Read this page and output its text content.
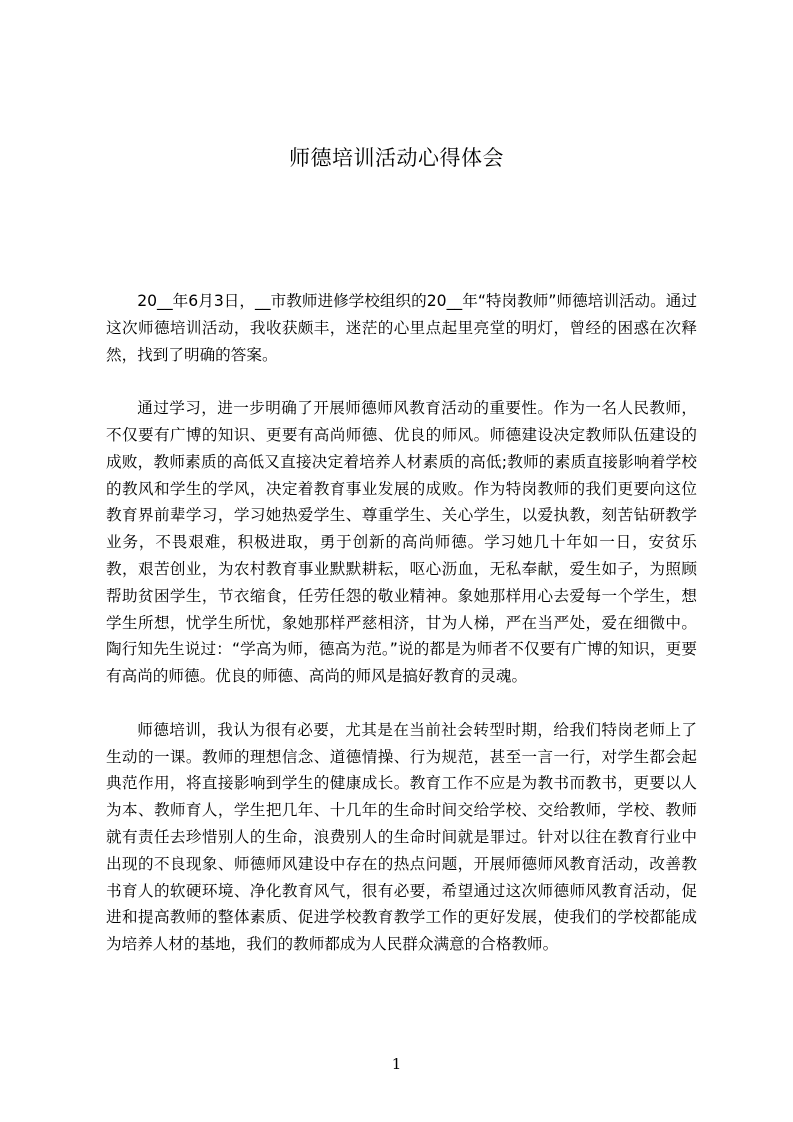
师德培训活动心得体会

20__年6月3日，__市教师进修学校组织的20__年“特岗教师”师德培训活动。通过这次师德培训活动，我收获颇丰，迷茫的心里点起里亮堂的明灯，曾经的困惑在次释然，找到了明确的答案。

通过学习，进一步明确了开展师德师风教育活动的重要性。作为一名人民教师，不仅要有广博的知识、更要有高尚师德、优良的师风。师德建设决定教师队伍建设的成败，教师素质的高低又直接决定着培养人材素质的高低;教师的素质直接影响着学校的教风和学生的学风，决定着教育事业发展的成败。作为特岗教师的我们更要向这位教育界前辈学习，学习她热爱学生、尊重学生、关心学生，以爱执教，刻苦钻研教学业务，不畏艰难，积极进取，勇于创新的高尚师德。学习她几十年如一日，安贫乐教，艰苦创业，为农村教育事业默默耕耘，呕心沥血，无私奉献，爱生如子，为照顾帮助贫困学生，节衣缩食，任劳任怨的敬业精神。象她那样用心去爱每一个学生，想学生所想，忧学生所忧，象她那样严慈相济，甘为人梯，严在当严处，爱在细微中。陶行知先生说过：“学高为师，德高为范。”说的都是为师者不仅要有广博的知识，更要有高尚的师德。优良的师德、高尚的师风是搞好教育的灵魂。

师德培训，我认为很有必要，尤其是在当前社会转型时期，给我们特岗老师上了生动的一课。教师的理想信念、道德情操、行为规范，甚至一言一行，对学生都会起典范作用，将直接影响到学生的健康成长。教育工作不应是为教书而教书，更要以人为本、教师育人，学生把几年、十几年的生命时间交给学校、交给教师，学校、教师就有责任去珍惜别人的生命，浪费别人的生命时间就是罪过。针对以往在教育行业中出现的不良现象、师德师风建设中存在的热点问题，开展师德师风教育活动，改善教书育人的软硬环境、净化教育风气，很有必要，希望通过这次师德师风教育活动，促进和提高教师的整体素质、促进学校教育教学工作的更好发展，使我们的学校都能成为培养人材的基地，我们的教师都成为人民群众满意的合格教师。

1
